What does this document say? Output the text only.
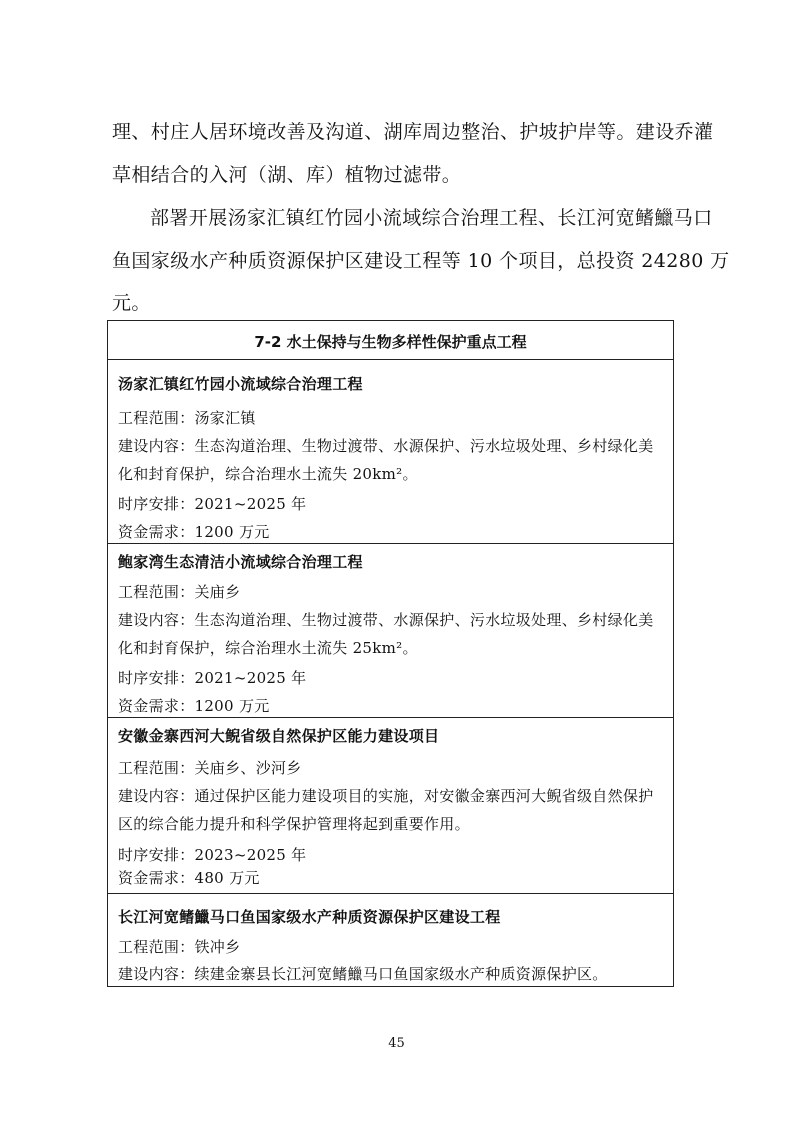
理、村庄人居环境改善及沟道、湖库周边整治、护坡护岸等。建设乔灌
草相结合的入河（湖、库）植物过滤带。
部署开展汤家汇镇红竹园小流域综合治理工程、长江河宽鳍鱲马口
鱼国家级水产种质资源保护区建设工程等 10 个项目，总投资 24280 万
元。
7-2 水土保持与生物多样性保护重点工程
汤家汇镇红竹园小流域综合治理工程
工程范围：汤家汇镇
建设内容：生态沟道治理、生物过渡带、水源保护、污水垃圾处理、乡村绿化美
化和封育保护，综合治理水土流失 20km²。
时序安排：2021~2025 年
资金需求：1200 万元
鲍家湾生态清洁小流域综合治理工程
工程范围：关庙乡
建设内容：生态沟道治理、生物过渡带、水源保护、污水垃圾处理、乡村绿化美
化和封育保护，综合治理水土流失 25km²。
时序安排：2021~2025 年
资金需求：1200 万元
安徽金寨西河大鲵省级自然保护区能力建设项目
工程范围：关庙乡、沙河乡
建设内容：通过保护区能力建设项目的实施，对安徽金寨西河大鲵省级自然保护
区的综合能力提升和科学保护管理将起到重要作用。
时序安排：2023~2025 年
资金需求：480 万元
长江河宽鳍鱲马口鱼国家级水产种质资源保护区建设工程
工程范围：铁冲乡
建设内容：续建金寨县长江河宽鳍鱲马口鱼国家级水产种质资源保护区。
45
